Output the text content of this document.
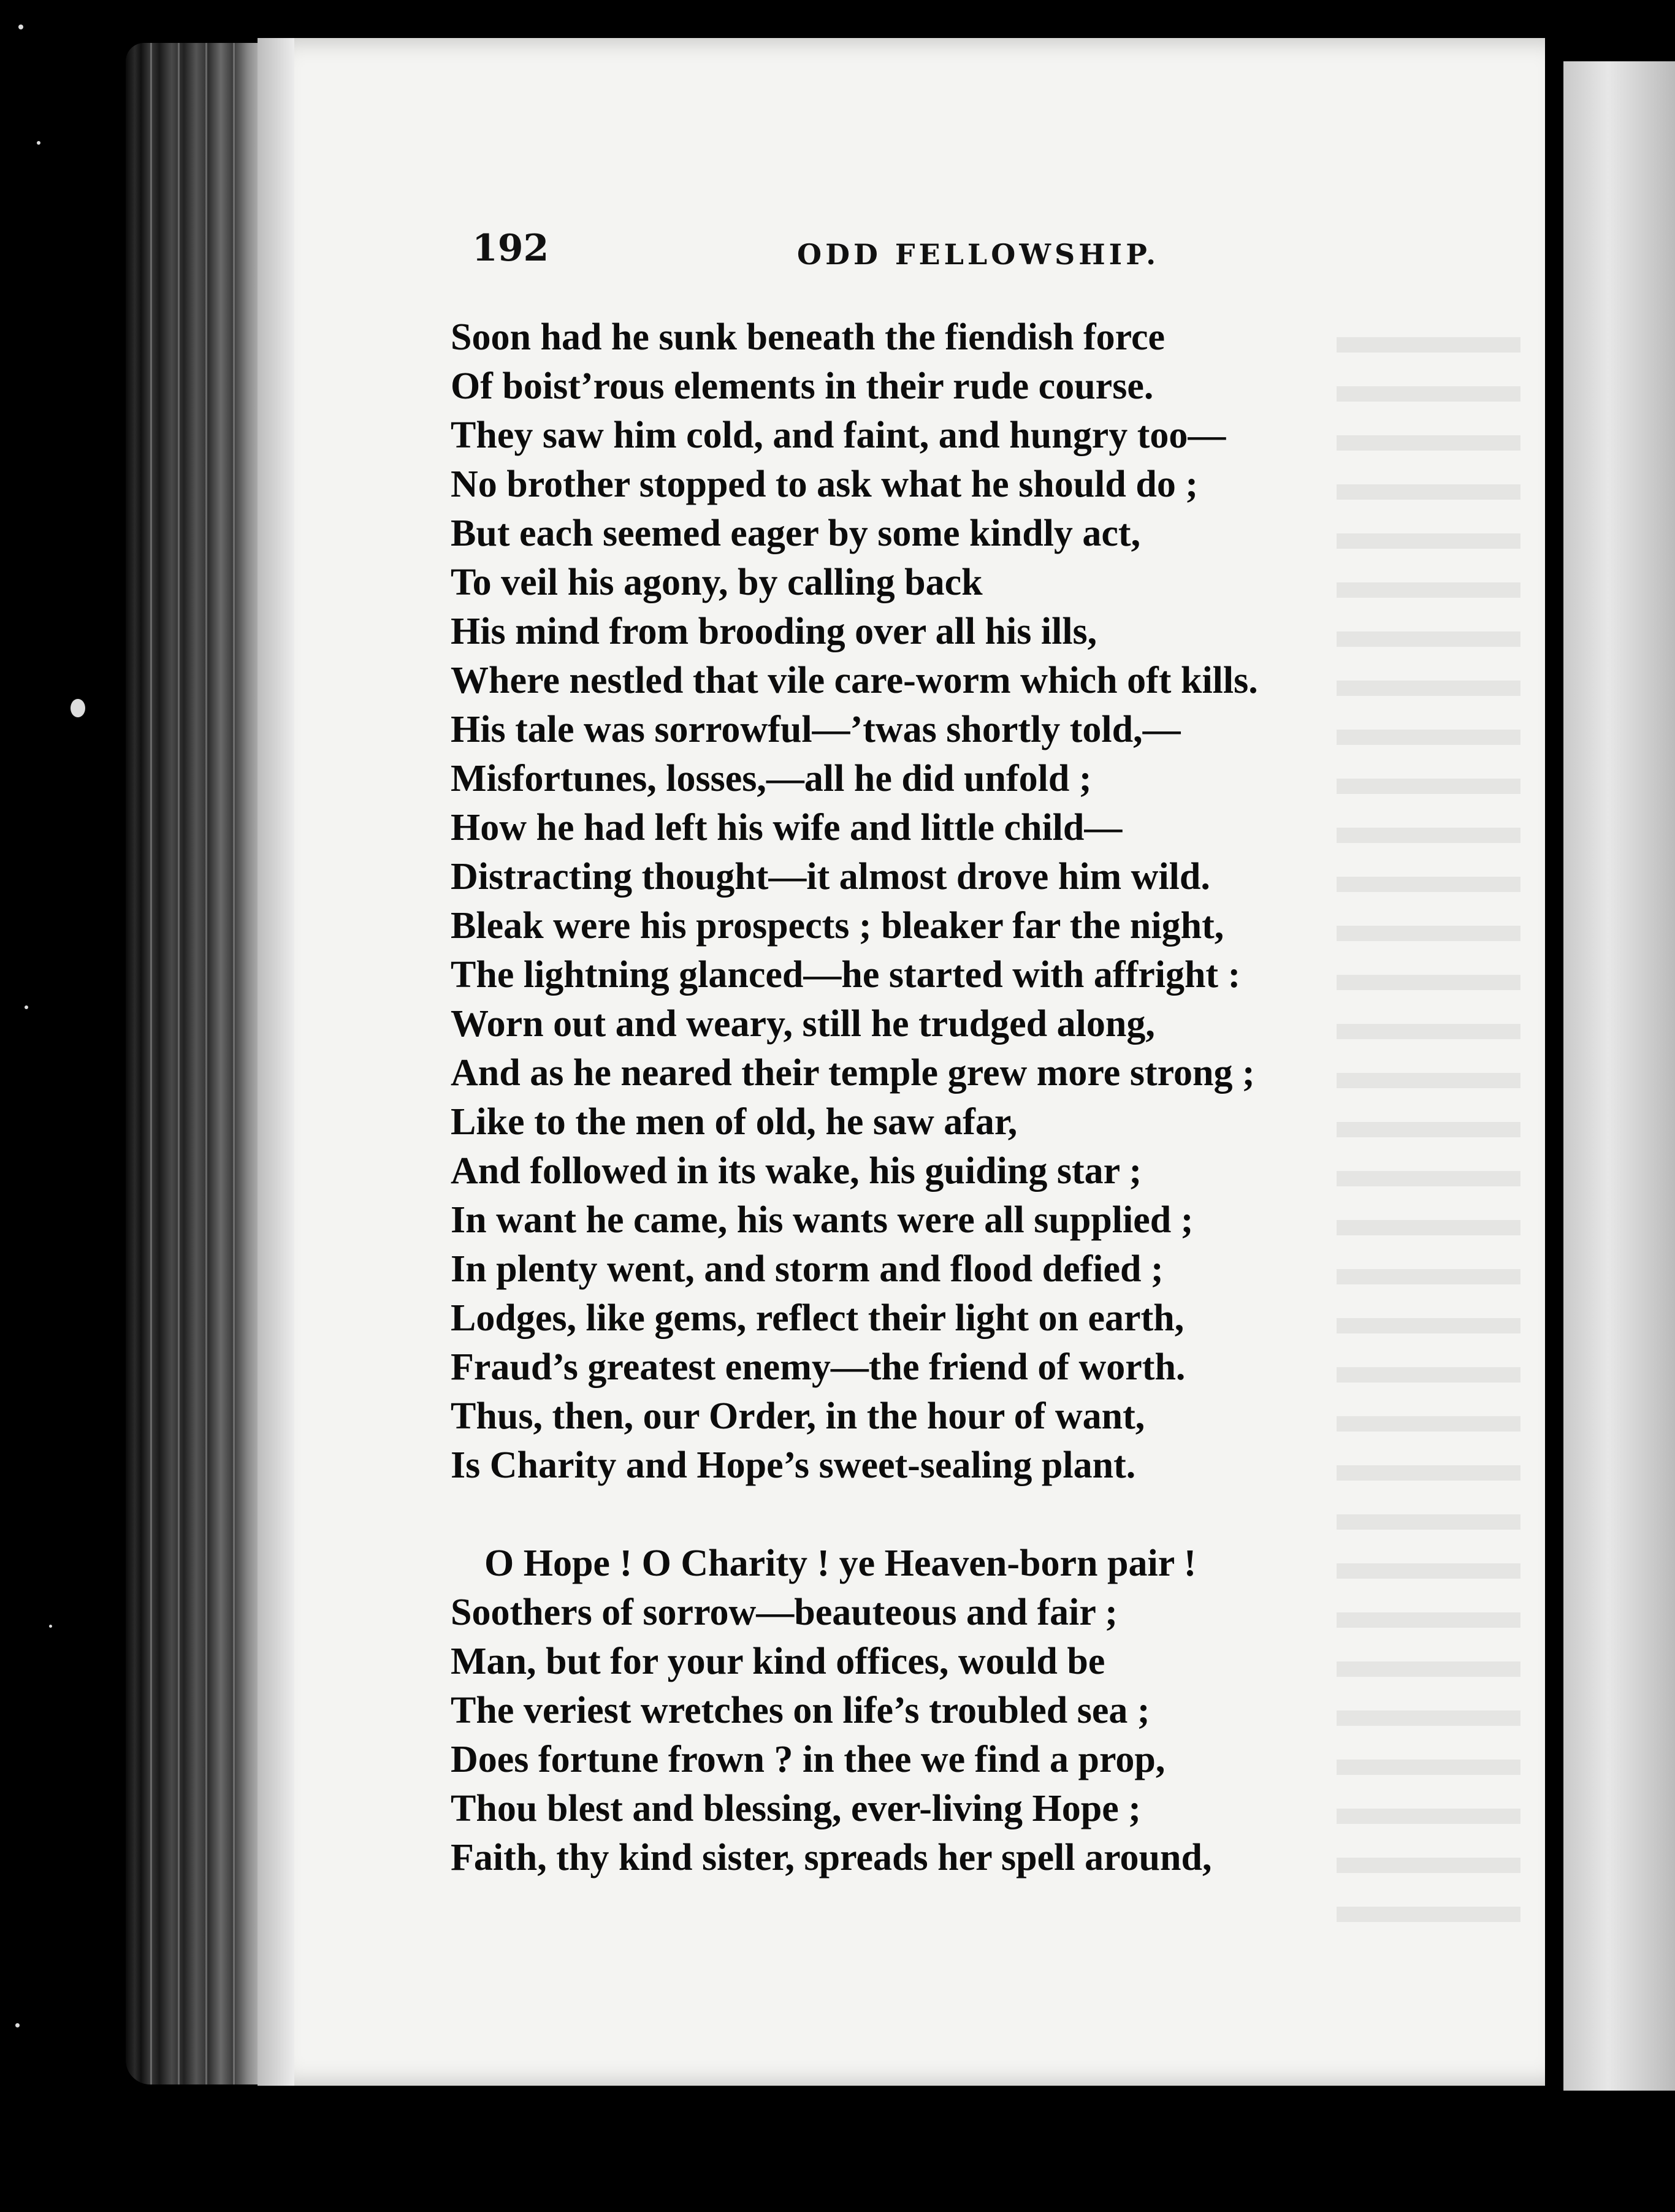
192	ODD FELLOWSHIP.
Soon had he sunk beneath the fiendish force
Of boist’rous elements in their rude course.
They saw him cold, and faint, and hungry too—
No brother stopped to ask what he should do ;
But each seemed eager by some kindly act,
To veil his agony, by calling back
His mind from brooding over all his ills,
Where nestled that vile care-worm which oft kills.
His tale was sorrowful—’twas shortly told,—
Misfortunes, losses,—all he did unfold ;
How he had left his wife and little child—
Distracting thought—it almost drove him wild.
Bleak were his prospects ; bleaker far the night,
The lightning glanced—he started with affright :
Worn out and weary, still he trudged along,
And as he neared their temple grew more strong ;
Like to the men of old, he saw afar,
And followed in its wake, his guiding star ;
In want he came, his wants were all supplied ;
In plenty went, and storm and flood defied ;
Lodges, like gems, reflect their light on earth,
Fraud’s greatest enemy—the friend of worth.
Thus, then, our Order, in the hour of want,
Is Charity and Hope’s sweet-sealing plant.
O Hope ! O Charity ! ye Heaven-born pair !
Soothers of sorrow—beauteous and fair ;
Man, but for your kind offices, would be
The veriest wretches on life’s troubled sea ;
Does fortune frown ? in thee we find a prop,
Thou blest and blessing, ever-living Hope ;
Faith, thy kind sister, spreads her spell around,
